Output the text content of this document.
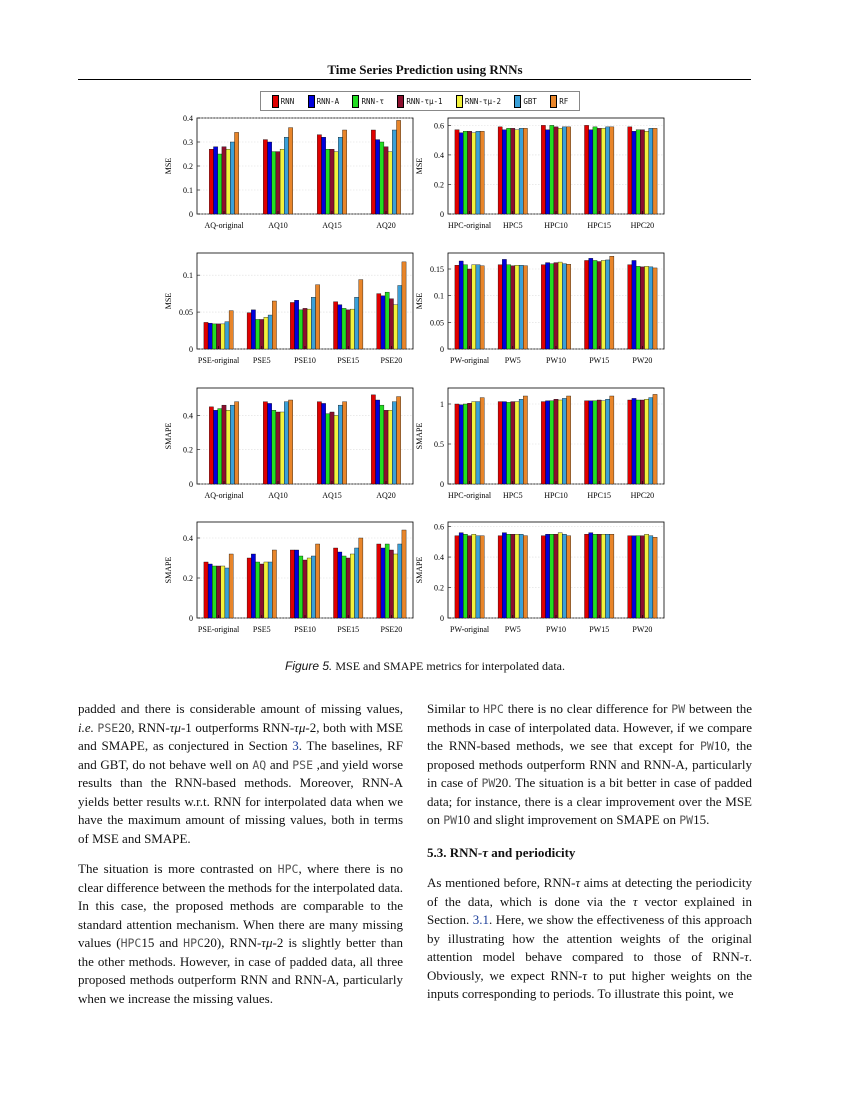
Time Series Prediction using RNNs
RNN	RNN-A	RNN-τ	RNN-τμ-1	RNN-τμ-2	GBT	RF
0
0.1
0.2
0.3
0.4
MSE
AQ-original	AQ10	AQ15	AQ20
0
0.2
0.4
0.6
MSE
HPC-original HPC5	HPC10 HPC15 HPC20
0
0.05
0.1
MSE
PSE-original PSE5	PSE10	PSE15	PSE20
0
0.05
0.1
0.15
MSE
PW-original PW5	PW10	PW15	PW20
0
0.2
0.4
SMAPE
AQ-original	AQ10	AQ15	AQ20
0
0.5
1
SMAPE
HPC-original HPC5	HPC10 HPC15 HPC20
0
0.2
0.4
SMAPE
PSE-original PSE5	PSE10	PSE15	PSE20
0
0.2
0.4
0.6
SMAPE
PW-original PW5	PW10	PW15	PW20
Figure 5. MSE and SMAPE metrics for interpolated data.

padded and there is considerable amount of missing values, i.e. PSE20, RNN-τμ-1 outperforms RNN-τμ-2, both with MSE and SMAPE, as conjectured in Section 3. The baselines, RF and GBT, do not behave well on AQ and PSE ,and yield worse results than the RNN-based methods. Moreover, RNN-A yields better results w.r.t. RNN for interpolated data when we have the maximum amount of missing values, both in terms of MSE and SMAPE.

The situation is more contrasted on HPC, where there is no clear difference between the methods for the interpolated data. In this case, the proposed methods are comparable to the standard attention mechanism. When there are many missing values (HPC15 and HPC20), RNN-τμ-2 is slightly better than the other methods. However, in case of padded data, all three proposed methods outperform RNN and RNN-A, particularly when we increase the missing values.

Similar to HPC there is no clear difference for PW between the methods in case of interpolated data. However, if we compare the RNN-based methods, we see that except for PW10, the proposed methods outperform RNN and RNN-A, particularly in case of PW20. The situation is a bit better in case of padded data; for instance, there is a clear improvement over the MSE on PW10 and slight improvement on SMAPE on PW15.

5.3. RNN-τ and periodicity

As mentioned before, RNN-τ aims at detecting the periodicity of the data, which is done via the τ vector explained in Section. 3.1. Here, we show the effectiveness of this approach by illustrating how the attention weights of the original attention model behave compared to those of RNN-τ. Obviously, we expect RNN-τ to put higher weights on the inputs corresponding to periods. To illustrate this point, we
